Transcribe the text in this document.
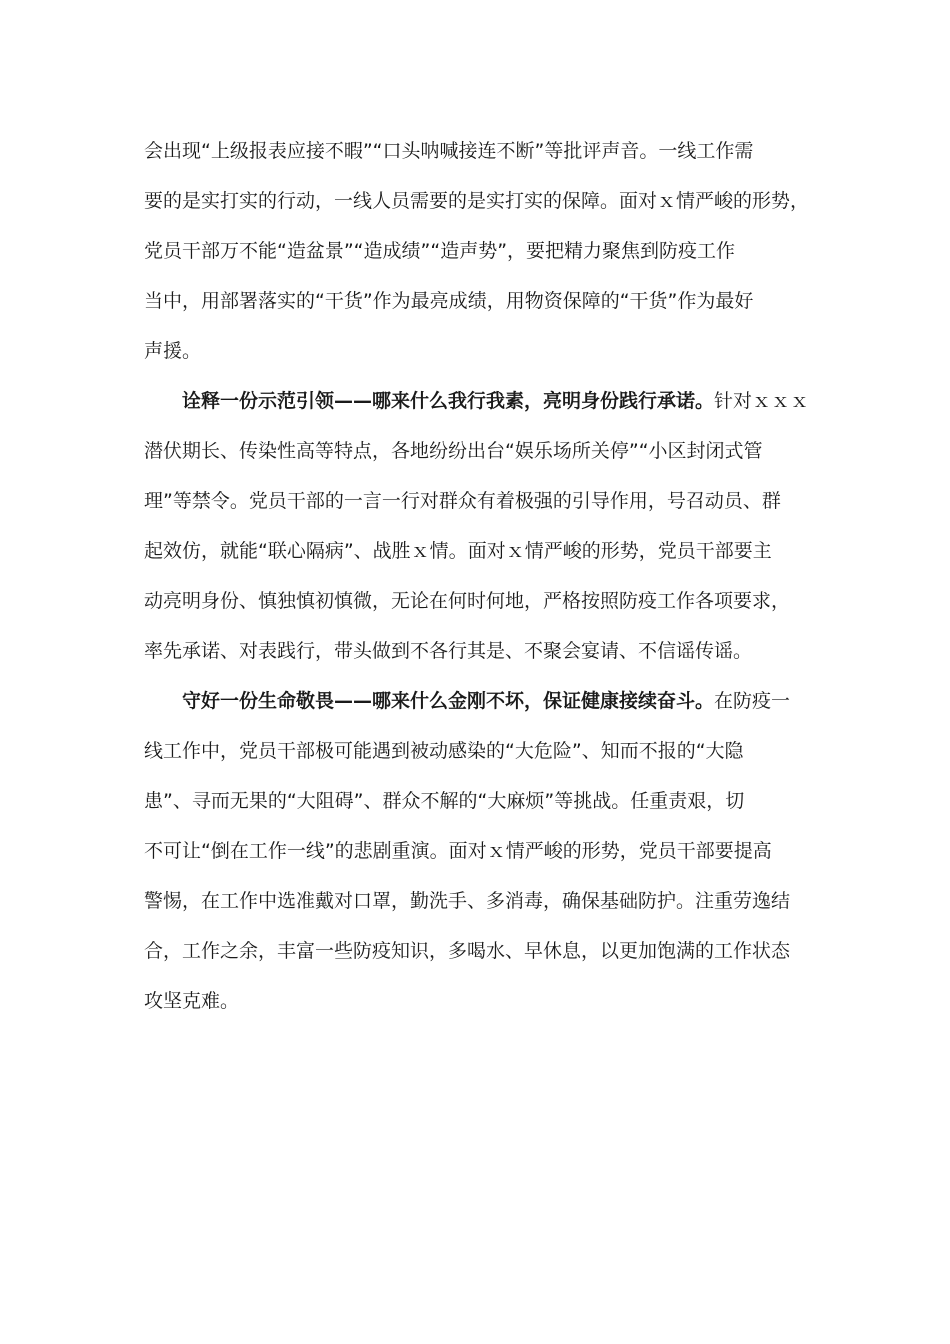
会出现“上级报表应接不暇”“口头呐喊接连不断”等批评声音。一线工作需
要的是实打实的行动，一线人员需要的是实打实的保障。面对ｘ情严峻的形势，
党员干部万不能“造盆景”“造成绩”“造声势”，要把精力聚焦到防疫工作
当中，用部署落实的“干货”作为最亮成绩，用物资保障的“干货”作为最好
声援。
诠释一份示范引领——哪来什么我行我素，亮明身份践行承诺。针对ｘｘｘ
潜伏期长、传染性高等特点，各地纷纷出台“娱乐场所关停”“小区封闭式管
理”等禁令。党员干部的一言一行对群众有着极强的引导作用，号召动员、群
起效仿，就能“联心隔病”、战胜ｘ情。面对ｘ情严峻的形势，党员干部要主
动亮明身份、慎独慎初慎微，无论在何时何地，严格按照防疫工作各项要求，
率先承诺、对表践行，带头做到不各行其是、不聚会宴请、不信谣传谣。
守好一份生命敬畏——哪来什么金刚不坏，保证健康接续奋斗。在防疫一
线工作中，党员干部极可能遇到被动感染的“大危险”、知而不报的“大隐
患”、寻而无果的“大阻碍”、群众不解的“大麻烦”等挑战。任重责艰，切
不可让“倒在工作一线”的悲剧重演。面对ｘ情严峻的形势，党员干部要提高
警惕，在工作中选准戴对口罩，勤洗手、多消毒，确保基础防护。注重劳逸结
合，工作之余，丰富一些防疫知识，多喝水、早休息，以更加饱满的工作状态
攻坚克难。
